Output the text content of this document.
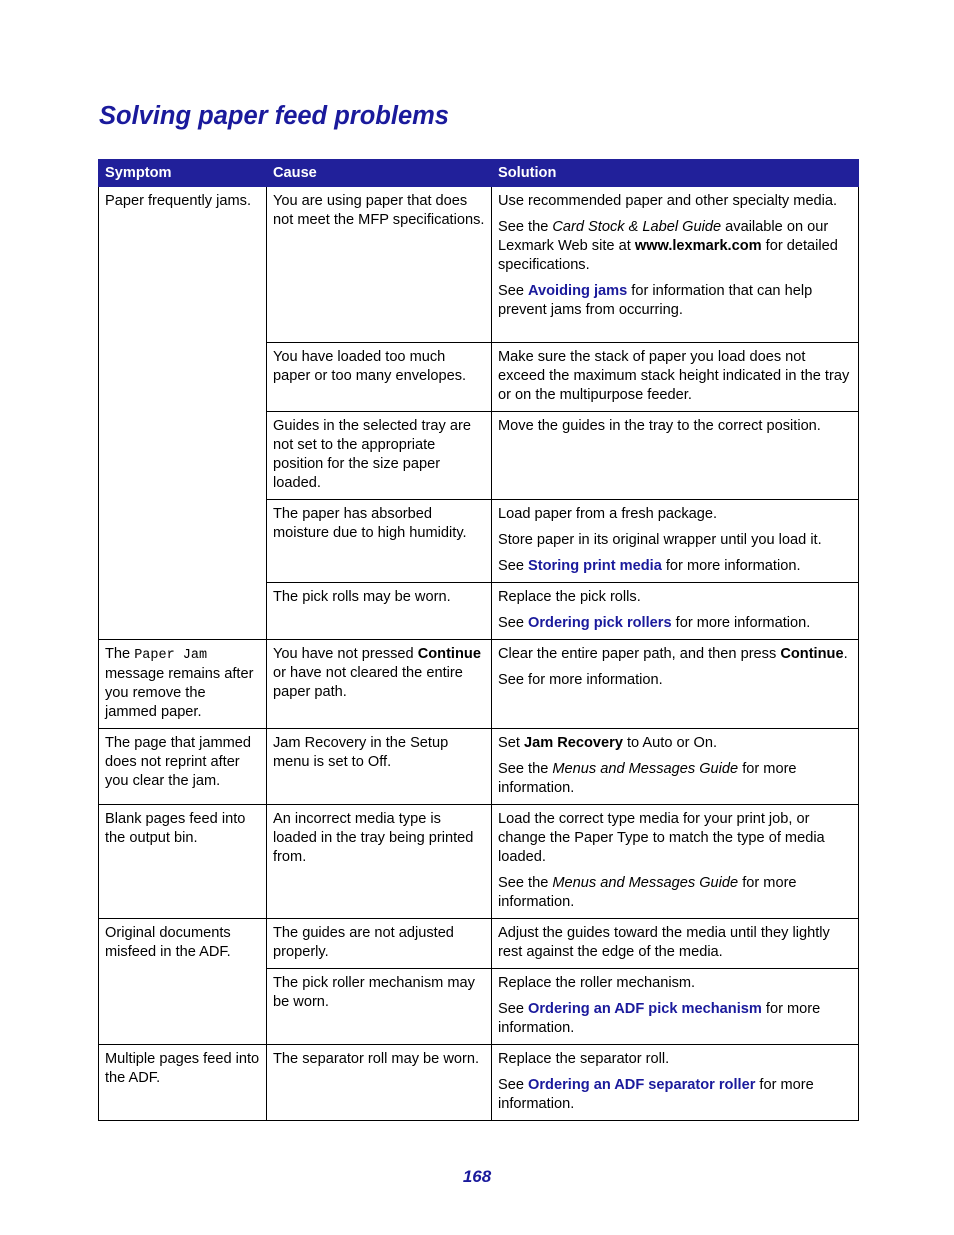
Solving paper feed problems
Symptom	Cause	Solution

Paper frequently jams.	You are using paper that does not meet the MFP specifications.	Use recommended paper and other specialty media.
See the Card Stock & Label Guide available on our Lexmark Web site at www.lexmark.com for detailed specifications.
See Avoiding jams for information that can help prevent jams from occurring.

	You have loaded too much paper or too many envelopes.	Make sure the stack of paper you load does not exceed the maximum stack height indicated in the tray or on the multipurpose feeder.

	Guides in the selected tray are not set to the appropriate position for the size paper loaded.	Move the guides in the tray to the correct position.

	The paper has absorbed moisture due to high humidity.	Load paper from a fresh package.
Store paper in its original wrapper until you load it.
See Storing print media for more information.

	The pick rolls may be worn.	Replace the pick rolls.
See Ordering pick rollers for more information.

The Paper Jam message remains after you remove the jammed paper.	You have not pressed Continue or have not cleared the entire paper path.	Clear the entire paper path, and then press Continue.
See for more information.

The page that jammed does not reprint after you clear the jam.	Jam Recovery in the Setup menu is set to Off.	Set Jam Recovery to Auto or On.
See the Menus and Messages Guide for more information.

Blank pages feed into the output bin.	An incorrect media type is loaded in the tray being printed from.	Load the correct type media for your print job, or change the Paper Type to match the type of media loaded.
See the Menus and Messages Guide for more information.

Original documents misfeed in the ADF.	The guides are not adjusted properly.	Adjust the guides toward the media until they lightly rest against the edge of the media.

	The pick roller mechanism may be worn.	Replace the roller mechanism.
See Ordering an ADF pick mechanism for more information.

Multiple pages feed into the ADF.	The separator roll may be worn.	Replace the separator roll.
See Ordering an ADF separator roller for more information.

168
